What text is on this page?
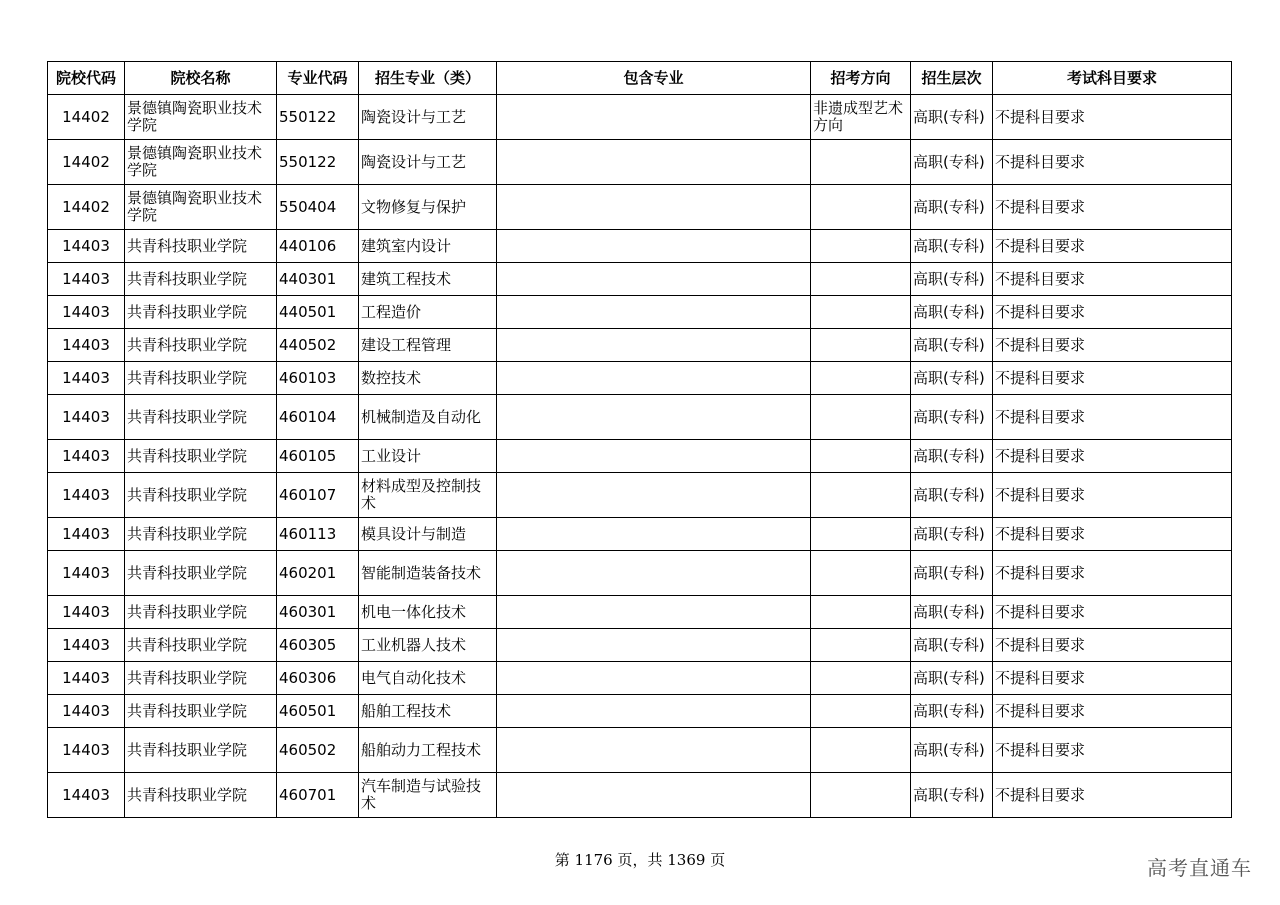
院校代码	院校名称	专业代码	招生专业（类）	包含专业	招考方向	招生层次	考试科目要求
14402	景德镇陶瓷职业技术学院	550122	陶瓷设计与工艺		非遗成型艺术方向	高职(专科)	不提科目要求
14402	景德镇陶瓷职业技术学院	550122	陶瓷设计与工艺			高职(专科)	不提科目要求
14402	景德镇陶瓷职业技术学院	550404	文物修复与保护			高职(专科)	不提科目要求
14403	共青科技职业学院	440106	建筑室内设计			高职(专科)	不提科目要求
14403	共青科技职业学院	440301	建筑工程技术			高职(专科)	不提科目要求
14403	共青科技职业学院	440501	工程造价			高职(专科)	不提科目要求
14403	共青科技职业学院	440502	建设工程管理			高职(专科)	不提科目要求
14403	共青科技职业学院	460103	数控技术			高职(专科)	不提科目要求
14403	共青科技职业学院	460104	机械制造及自动化			高职(专科)	不提科目要求
14403	共青科技职业学院	460105	工业设计			高职(专科)	不提科目要求
14403	共青科技职业学院	460107	材料成型及控制技术			高职(专科)	不提科目要求
14403	共青科技职业学院	460113	模具设计与制造			高职(专科)	不提科目要求
14403	共青科技职业学院	460201	智能制造装备技术			高职(专科)	不提科目要求
14403	共青科技职业学院	460301	机电一体化技术			高职(专科)	不提科目要求
14403	共青科技职业学院	460305	工业机器人技术			高职(专科)	不提科目要求
14403	共青科技职业学院	460306	电气自动化技术			高职(专科)	不提科目要求
14403	共青科技职业学院	460501	船舶工程技术			高职(专科)	不提科目要求
14403	共青科技职业学院	460502	船舶动力工程技术			高职(专科)	不提科目要求
14403	共青科技职业学院	460701	汽车制造与试验技术			高职(专科)	不提科目要求
第 1176 页，共 1369 页	高考直通车
